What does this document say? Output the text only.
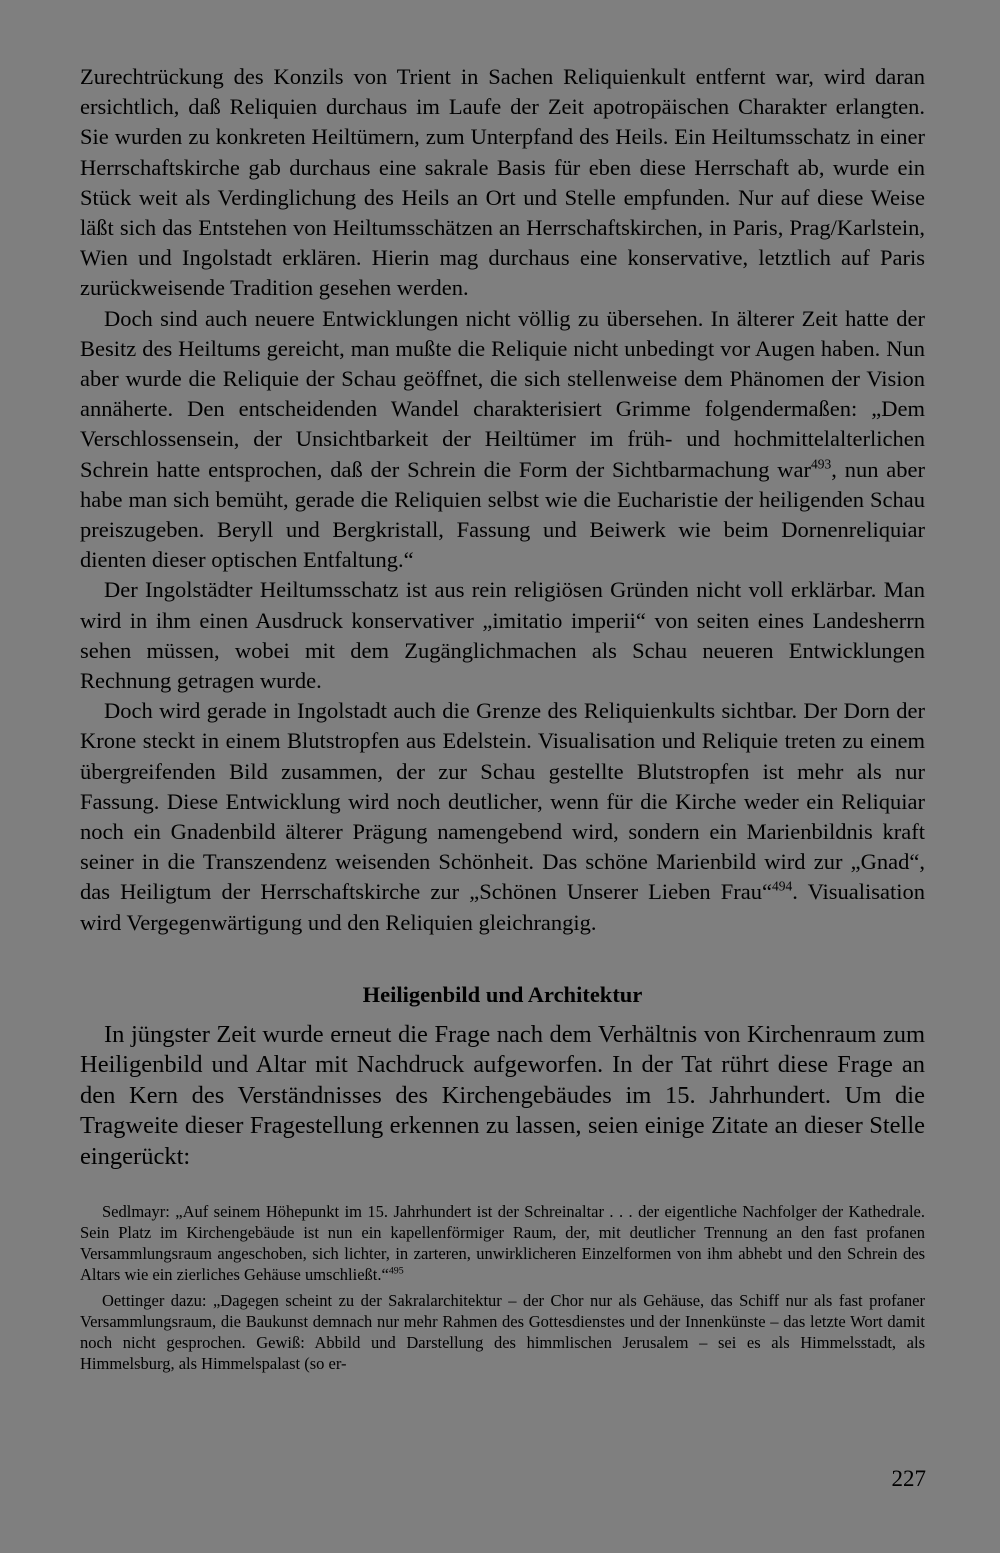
Zurechtrückung des Konzils von Trient in Sachen Reliquienkult entfernt war, wird daran ersichtlich, daß Reliquien durchaus im Laufe der Zeit apotropäischen Charakter erlangten. Sie wurden zu konkreten Heiltümern, zum Unterpfand des Heils. Ein Heiltumsschatz in einer Herrschaftskirche gab durchaus eine sakrale Basis für eben diese Herrschaft ab, wurde ein Stück weit als Verdinglichung des Heils an Ort und Stelle empfunden. Nur auf diese Weise läßt sich das Entstehen von Heiltumsschätzen an Herrschaftskirchen, in Paris, Prag/Karlstein, Wien und Ingolstadt erklären. Hierin mag durchaus eine konservative, letztlich auf Paris zurückweisende Tradition gesehen werden.

Doch sind auch neuere Entwicklungen nicht völlig zu übersehen. In älterer Zeit hatte der Besitz des Heiltums gereicht, man mußte die Reliquie nicht unbedingt vor Augen haben. Nun aber wurde die Reliquie der Schau geöffnet, die sich stellenweise dem Phänomen der Vision annäherte. Den entscheidenden Wandel charakterisiert Grimme folgendermaßen: „Dem Verschlossensein, der Unsichtbarkeit der Heiltümer im früh- und hochmittelalterlichen Schrein hatte entsprochen, daß der Schrein die Form der Sichtbarmachung war$^{493}$, nun aber habe man sich bemüht, gerade die Reliquien selbst wie die Eucharistie der heiligenden Schau preiszugeben. Beryll und Bergkristall, Fassung und Beiwerk wie beim Dornenreliquiar dienten dieser optischen Entfaltung.“

Der Ingolstädter Heiltumsschatz ist aus rein religiösen Gründen nicht voll erklärbar. Man wird in ihm einen Ausdruck konservativer „imitatio imperii“ von seiten eines Landesherrn sehen müssen, wobei mit dem Zugänglichmachen als Schau neueren Entwicklungen Rechnung getragen wurde.

Doch wird gerade in Ingolstadt auch die Grenze des Reliquienkults sichtbar. Der Dorn der Krone steckt in einem Blutstropfen aus Edelstein. Visualisation und Reliquie treten zu einem übergreifenden Bild zusammen, der zur Schau gestellte Blutstropfen ist mehr als nur Fassung. Diese Entwicklung wird noch deutlicher, wenn für die Kirche weder ein Reliquiar noch ein Gnadenbild älterer Prägung namengebend wird, sondern ein Marienbildnis kraft seiner in die Transzendenz weisenden Schönheit. Das schöne Marienbild wird zur „Gnad“, das Heiligtum der Herrschaftskirche zur „Schönen Unserer Lieben Frau“$^{494}$. Visualisation wird Vergegenwärtigung und den Reliquien gleichrangig.

Heiligenbild und Architektur

In jüngster Zeit wurde erneut die Frage nach dem Verhältnis von Kirchenraum zum Heiligenbild und Altar mit Nachdruck aufgeworfen. In der Tat rührt diese Frage an den Kern des Verständnisses des Kirchengebäudes im 15. Jahrhundert. Um die Tragweite dieser Fragestellung erkennen zu lassen, seien einige Zitate an dieser Stelle eingerückt:

Sedlmayr: „Auf seinem Höhepunkt im 15. Jahrhundert ist der Schreinaltar . . . der eigentliche Nachfolger der Kathedrale. Sein Platz im Kirchengebäude ist nun ein kapellenförmiger Raum, der, mit deutlicher Trennung an den fast profanen Versammlungsraum angeschoben, sich lichter, in zarteren, unwirklicheren Einzelformen von ihm abhebt und den Schrein des Altars wie ein zierliches Gehäuse umschließt.“$^{495}$

Oettinger dazu: „Dagegen scheint zu der Sakralarchitektur – der Chor nur als Gehäuse, das Schiff nur als fast profaner Versammlungsraum, die Baukunst demnach nur mehr Rahmen des Gottesdienstes und der Innenkünste – das letzte Wort damit noch nicht gesprochen. Gewiß: Abbild und Darstellung des himmlischen Jerusalem – sei es als Himmelsstadt, als Himmelsburg, als Himmelspalast (so er-

227
